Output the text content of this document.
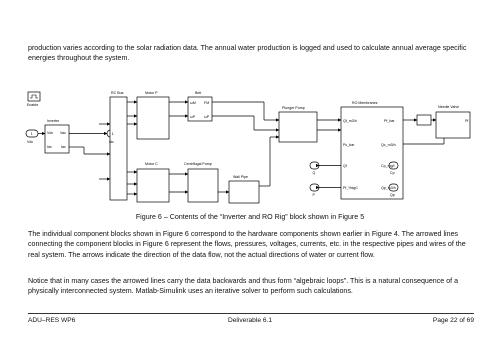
production varies according to the solar radiation data. The annual water production is logged and used to calculate annual average specific energies throughout the system.

Enable
1
Vdc
1
Idc
Inverter
Vdc Vac
Idc	Iac
RC Bus	Motor P
Motor C
Belt
ωM FM
ωP ωP
Plunger Pump
Centrifugal Pump
Wall Pipe
RO Membranes
Qf_m3/h	Pf_bar
Pc_bar	Qc_m3/h
Qf	Cp_mg/l
Pf_%kgC	Qp_m3/h
Needle Valve
Q
P
Cp
Qp
Pf
Figure 6 – Contents of the “Inverter and RO Rig” block shown in Figure 5

The individual component blocks shown in Figure 6 correspond to the hardware components shown earlier in Figure 4. The arrowed lines connecting the component blocks in Figure 6 represent the flows, pressures, voltages, currents, etc. in the respective pipes and wires of the real system. The arrows indicate the direction of the data flow, not the actual directions of water or current flow.

Notice that in many cases the arrowed lines carry the data backwards and thus form “algebraic loops”. This is a natural consequence of a physically interconnected system. Matlab-Simulink uses an iterative solver to perform such calculations.

ADU–RES WP6	Deliverable 6.1	Page 22 of 69
